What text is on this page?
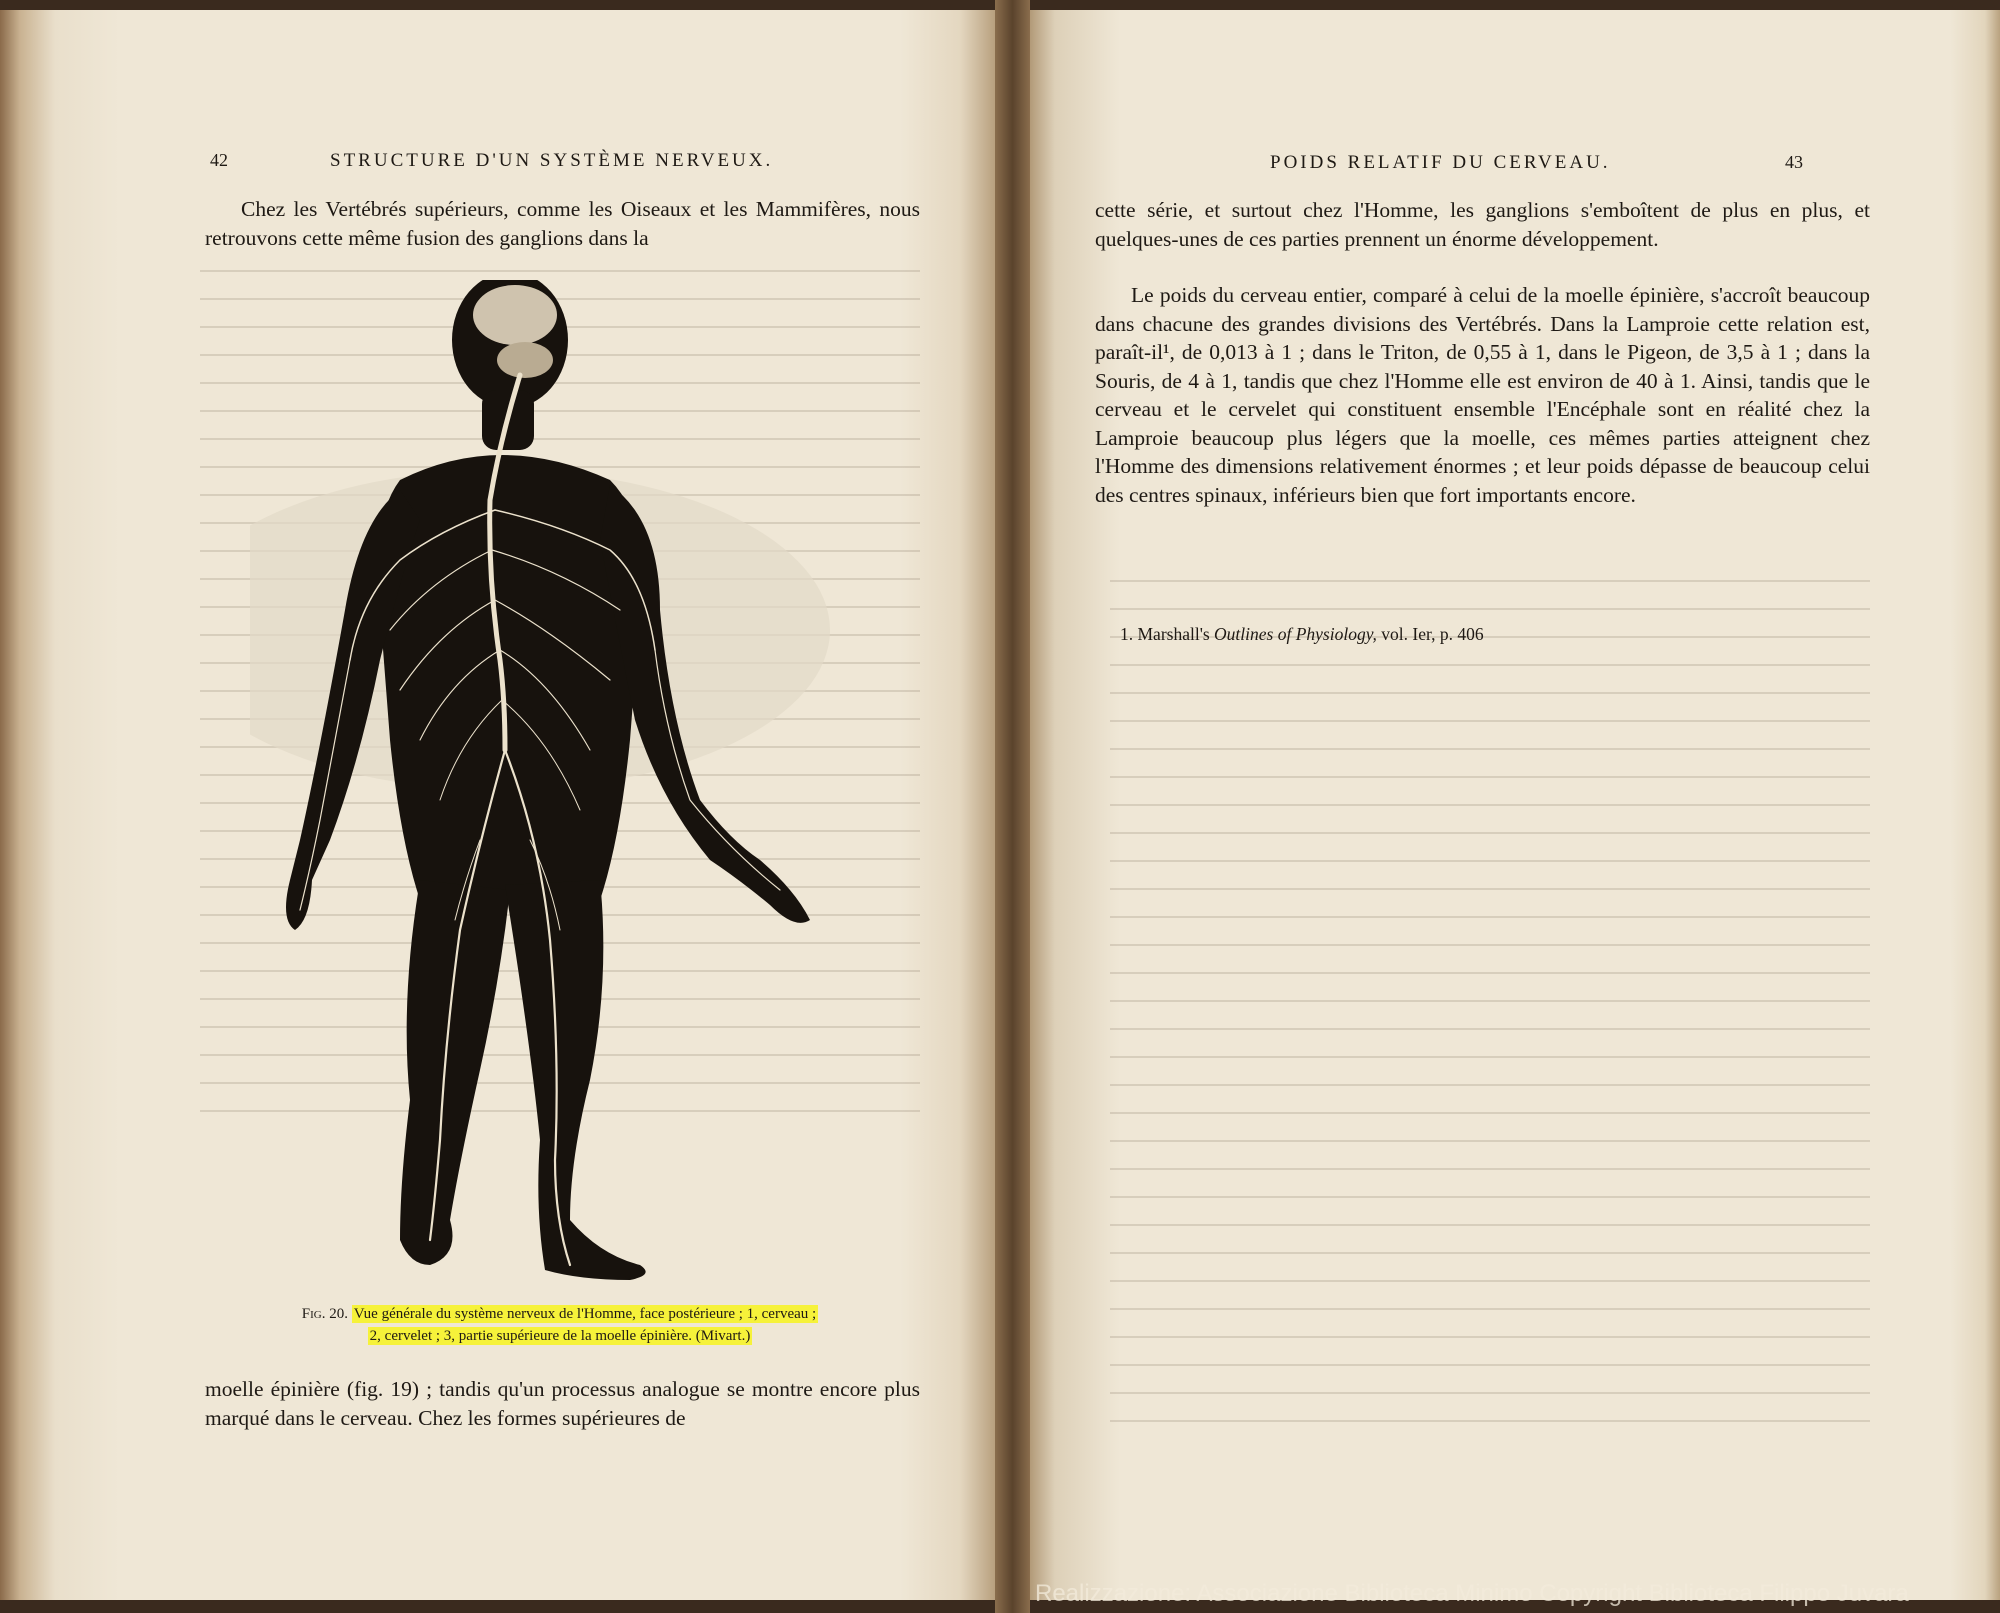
42	STRUCTURE D'UN SYSTÈME NERVEUX.

Chez les Vertébrés supérieurs, comme les Oiseaux et les Mammifères, nous retrouvons cette même fusion des ganglions dans la

Fig. 20. Vue générale du système nerveux de l'Homme, face postérieure ; 1, cerveau ;
2, cervelet ; 3, partie supérieure de la moelle épinière. (Mivart.)

moelle épinière (fig. 19) ; tandis qu'un processus analogue se montre encore plus marqué dans le cerveau. Chez les formes supérieures de

POIDS RELATIF DU CERVEAU.	43

cette série, et surtout chez l'Homme, les ganglions s'emboîtent de plus en plus, et quelques-unes de ces parties prennent un énorme développement.

Le poids du cerveau entier, comparé à celui de la moelle épinière, s'accroît beaucoup dans chacune des grandes divisions des Vertébrés. Dans la Lamproie cette relation est, paraît-il¹, de 0,013 à 1 ; dans le Triton, de 0,55 à 1, dans le Pigeon, de 3,5 à 1 ; dans la Souris, de 4 à 1, tandis que chez l'Homme elle est environ de 40 à 1. Ainsi, tandis que le cerveau et le cervelet qui constituent ensemble l'Encéphale sont en réalité chez la Lamproie beaucoup plus légers que la moelle, ces mêmes parties atteignent chez l'Homme des dimensions relativement énormes ; et leur poids dépasse de beaucoup celui des centres spinaux, inférieurs bien que fort importants encore.

1. Marshall's Outlines of Physiology, vol. Ier, p. 406

Realizzazione: Associazione Biblioteca Minimo Copyright Biblioteca Filippo Juvara
